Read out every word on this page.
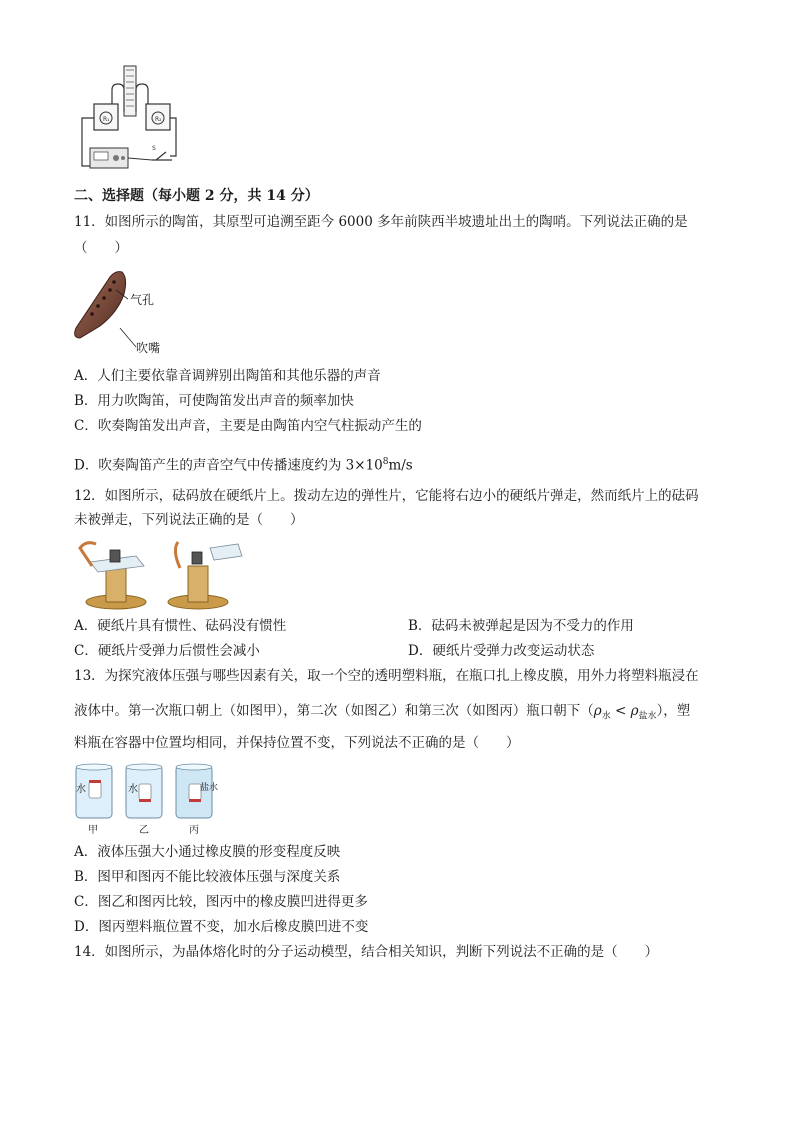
R₁	R₂
S
二、选择题（每小题 2 分，共 14 分）
11．如图所示的陶笛，其原型可追溯至距今 6000 多年前陕西半坡遗址出土的陶哨。下列说法正确的是
（　　）
气孔
吹嘴
A．人们主要依靠音调辨别出陶笛和其他乐器的声音
B．用力吹陶笛，可使陶笛发出声音的频率加快
C．吹奏陶笛发出声音，主要是由陶笛内空气柱振动产生的
D．吹奏陶笛产生的声音空气中传播速度约为 $3\times 10^8m/s$
12．如图所示，砝码放在硬纸片上。拨动左边的弹性片，它能将右边小的硬纸片弹走，然而纸片上的砝码
未被弹走，下列说法正确的是（　　）
A．硬纸片具有惯性、砝码没有惯性	B．砝码未被弹起是因为不受力的作用
C．硬纸片受弹力后惯性会减小	D．硬纸片受弹力改变运动状态
13．为探究液体压强与哪些因素有关，取一个空的透明塑料瓶，在瓶口扎上橡皮膜，用外力将塑料瓶浸在
液体中。第一次瓶口朝上（如图甲），第二次（如图乙）和第三次（如图丙）瓶口朝下$(\rho_水 < \rho_{盐水})$，塑
料瓶在容器中位置均相同，并保持位置不变，下列说法不正确的是（　　）
水	水	盐水
甲	乙	丙
A．液体压强大小通过橡皮膜的形变程度反映
B．图甲和图丙不能比较液体压强与深度关系
C．图乙和图丙比较，图丙中的橡皮膜凹进得更多
D．图丙塑料瓶位置不变，加水后橡皮膜凹进不变
14．如图所示，为晶体熔化时的分子运动模型，结合相关知识，判断下列说法不正确的是（　　）
